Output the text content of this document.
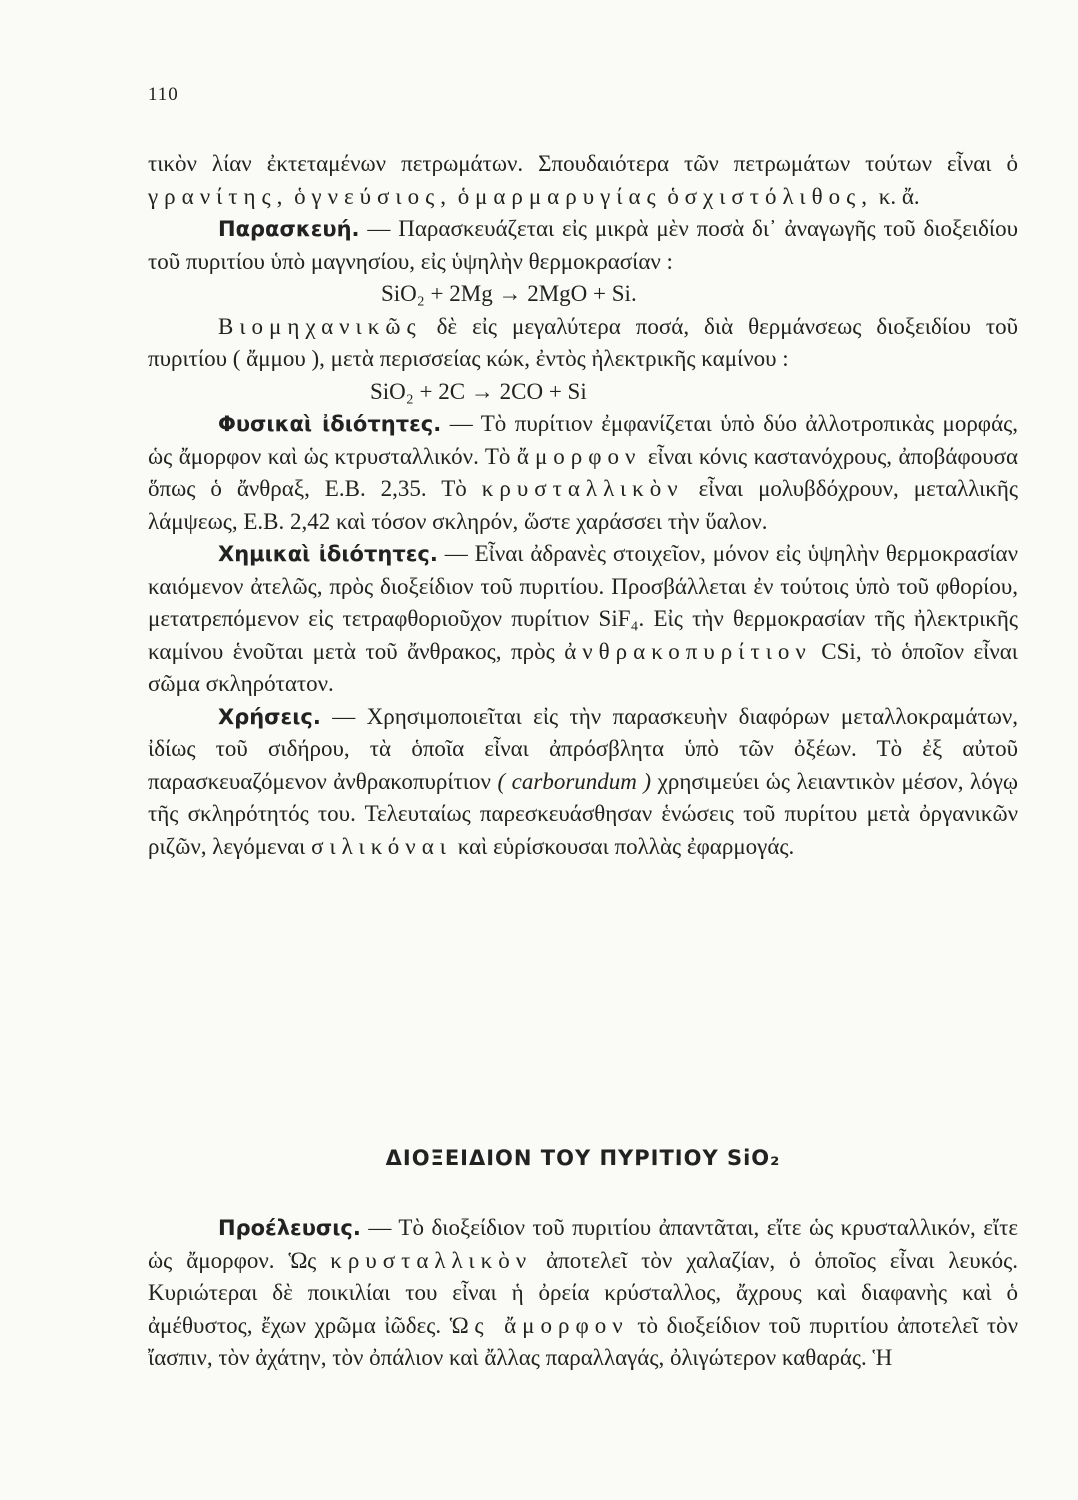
110

τικὸν λίαν ἐκτεταμένων πετρωμάτων. Σπουδαιότερα τῶν πετρωμάτων τούτων εἶναι ὁ γρανίτης, ὁ γνεύσιος, ὁ μαρμαρυγίας ὁ σχιστόλιθος, κ. ἄ.

Παρασκευή. — Παρασκευάζεται εἰς μικρὰ μὲν ποσὰ δι᾽ ἀναγωγῆς τοῦ διοξειδίου τοῦ πυριτίου ὑπὸ μαγνησίου, εἰς ὑψηλὴν θερμοκρασίαν :

SiO₂ + 2Mg → 2MgO + Si.

Βιομηχανικῶς δὲ εἰς μεγαλύτερα ποσά, διὰ θερμάνσεως διοξειδίου τοῦ πυριτίου ( ἄμμου ), μετὰ περισσείας κώκ, ἐντὸς ἠλεκτρικῆς καμίνου :

SiO₂ + 2C → 2CO + Si

Φυσικαὶ ἰδιότητες. — Τὸ πυρίτιον ἐμφανίζεται ὑπὸ δύο ἀλλοτροπικὰς μορφάς, ὡς ἄμορφον καὶ ὡς κτρυσταλλικόν. Τὸ ἄμορφον εἶναι κόνις καστανόχρους, ἀποβάφουσα ὅπως ὁ ἄνθραξ, Ε.Β. 2,35. Τὸ κρυσταλλικὸν εἶναι μολυβδόχρουν, μεταλλικῆς λάμψεως, Ε.Β. 2,42 καὶ τόσον σκληρόν, ὥστε χαράσσει τὴν ὕαλον.

Χημικαὶ ἰδιότητες. — Εἶναι ἀδρανὲς στοιχεῖον, μόνον εἰς ὑψηλὴν θερμοκρασίαν καιόμενον ἀτελῶς, πρὸς διοξείδιον τοῦ πυριτίου. Προσβάλλεται ἐν τούτοις ὑπὸ τοῦ φθορίου, μετατρεπόμενον εἰς τετραφθοριοῦχον πυρίτιον SiF₄. Εἰς τὴν θερμοκρασίαν τῆς ἠλεκτρικῆς καμίνου ἑνοῦται μετὰ τοῦ ἄνθρακος, πρὸς ἀνθρακοπυρίτιον CSi, τὸ ὁποῖον εἶναι σῶμα σκληρότατον.

Χρήσεις. — Χρησιμοποιεῖται εἰς τὴν παρασκευὴν διαφόρων μεταλλοκραμάτων, ἰδίως τοῦ σιδήρου, τὰ ὁποῖα εἶναι ἀπρόσβλητα ὑπὸ τῶν ὀξέων. Τὸ ἐξ αὐτοῦ παρασκευαζόμενον ἀνθρακοπυρίτιον ( carborundum ) χρησιμεύει ὡς λειαντικὸν μέσον, λόγῳ τῆς σκληρότητός του. Τελευταίως παρεσκευάσθησαν ἑνώσεις τοῦ πυρίτου μετὰ ὀργανικῶν ριζῶν, λεγόμεναι σιλικόναι καὶ εὑρίσκουσαι πολλὰς ἐφαρμογάς.

ΔΙΟΞΕΙΔΙΟΝ ΤΟΥ ΠΥΡΙΤΙΟΥ SiO₂

Προέλευσις. — Τὸ διοξείδιον τοῦ πυριτίου ἀπαντᾶται, εἴτε ὡς κρυσταλλικόν, εἴτε ὡς ἄμορφον. Ὡς κρυσταλλικὸν ἀποτελεῖ τὸν χαλαζίαν, ὁ ὁποῖος εἶναι λευκός. Κυριώτεραι δὲ ποικιλίαι του εἶναι ἡ ὀρεία κρύσταλλος, ἄχρους καὶ διαφανὴς καὶ ὁ ἀμέθυστος, ἔχων χρῶμα ἰῶδες. Ὡς ἄμορφον τὸ διοξείδιον τοῦ πυριτίου ἀποτελεῖ τὸν ἴασπιν, τὸν ἀχάτην, τὸν ὀπάλιον καὶ ἄλλας παραλλαγάς, ὀλιγώτερον καθαράς. Ἡ
